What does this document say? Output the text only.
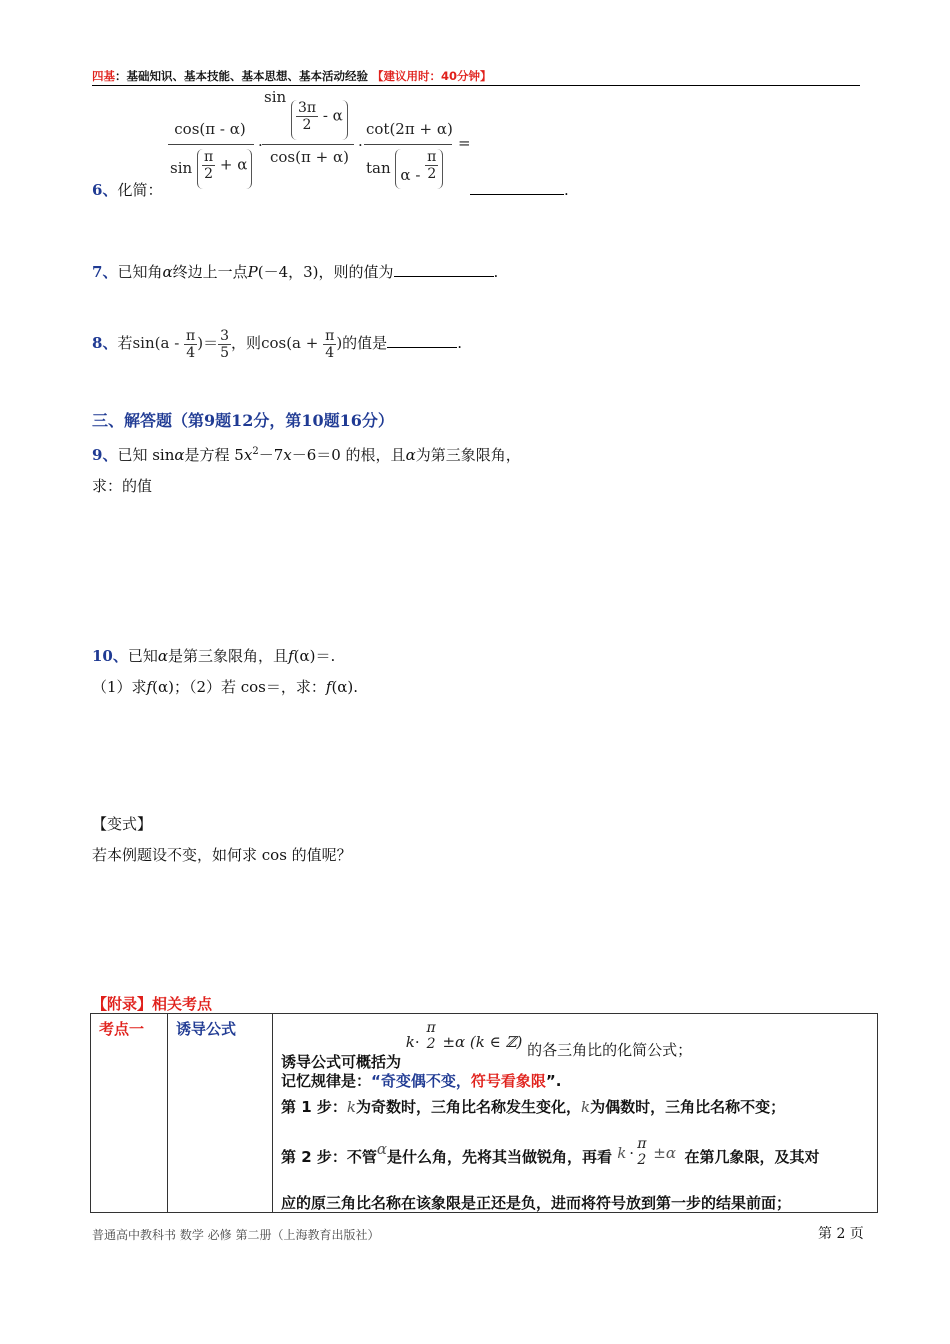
四基：基础知识、基本技能、基本思想、基本活动经验 【建议用时：40分钟】
cos(π - α)
$\sin \frac{\pi}{2} + \alpha$
·
sin
$\frac{3\pi}{2}$ - α
cos(π + α)
·
cot(2π + α)
tan α - $\frac{\pi}{2}$
=
6、化简：	.
7、已知角α终边上一点P(－4，3)，则的值为	.
8、若$\sin(a - \frac{\pi}{4}$ )＝ $\frac{3}{5}$ ，则$\cos(a + \frac{\pi}{4}$ )的值是	.
三、解答题（第9题12分，第10题16分）
9、已知 sinα是方程 $5x^2-7x-6=0$ 的根，且α为第三象限角，
求：的值
10、已知α是第三象限角，且f(α)＝.
（1）求f(α)；（2）若 cos＝，求：f(α).
【变式】
若本例题设不变，如何求 cos 的值呢？
【附录】相关考点
考点一	诱导公式

诱导公式可概括为 k·
π
2 ±α (k ∈ ℤ) 的各三角比的化简公式；
记忆规律是：“奇变偶不变，符号看象限”.
第 1 步：k为奇数时，三角比名称发生变化，k为偶数时，三角比名称不变；
第 2 步：不管α是什么角，先将其当做锐角，再看 k · π
2 ±α 在第几象限，及其对
应的原三角比名称在该象限是正还是负，进而将符号放到第一步的结果前面；
普通高中教科书 数学 必修 第二册（上海教育出版社）	第 2 页
